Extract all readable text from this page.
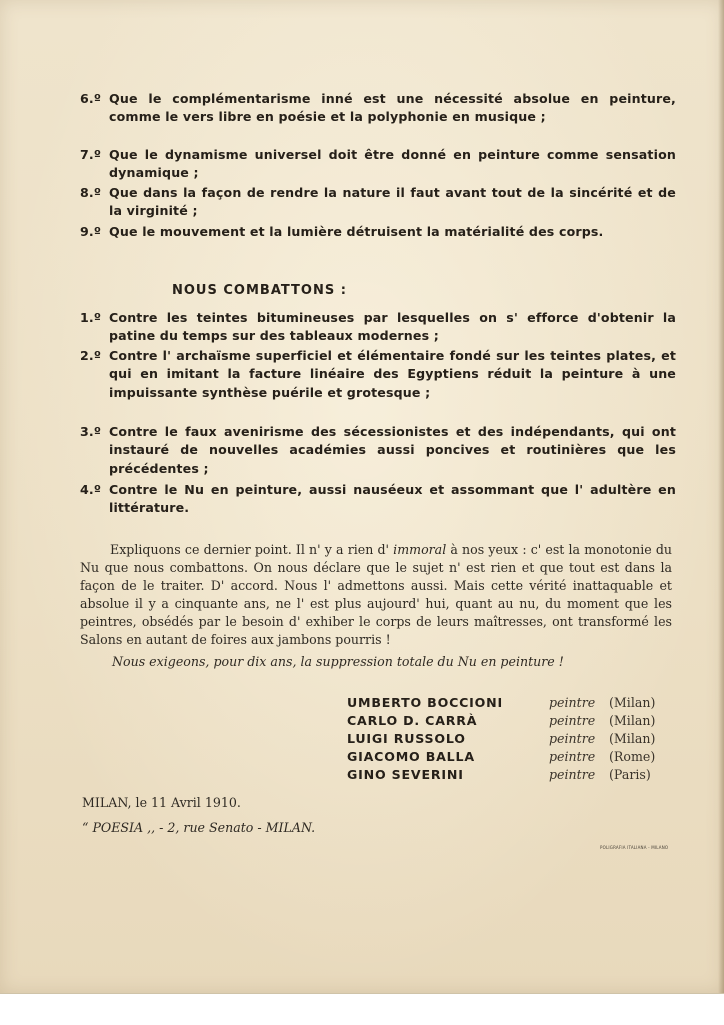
6.º Que le complémentarisme inné est une nécessité absolue en peinture, comme le vers libre en poésie et la polyphonie en musique ;
7.º Que le dynamisme universel doit être donné en peinture comme sensation dynamique ;
8.º Que dans la façon de rendre la nature il faut avant tout de la sincérité et de la virginité ;
9.º Que le mouvement et la lumière détruisent la matérialité des corps.
NOUS COMBATTONS :
1.º Contre les teintes bitumineuses par lesquelles on s' efforce d'obtenir la patine du temps sur des tableaux modernes ;
2.º Contre l' archaïsme superficiel et élémentaire fondé sur les teintes plates, et qui en imitant la facture linéaire des Egyptiens réduit la peinture à une impuissante synthèse puérile et grotesque ;
3.º Contre le faux avenirisme des sécessionistes et des indépendants, qui ont instauré de nouvelles académies aussi poncives et routinières que les précédentes ;
4.º Contre le Nu en peinture, aussi nauséeux et assommant que l' adultère en littérature.
Expliquons ce dernier point. Il n' y a rien d' immoral à nos yeux : c' est la monotonie du Nu que nous combattons. On nous déclare que le sujet n' est rien et que tout est dans la façon de le traiter. D' accord. Nous l' admettons aussi. Mais cette vérité inattaquable et absolue il y a cinquante ans, ne l' est plus aujourd' hui, quant au nu, du moment que les peintres, obsédés par le besoin d' exhiber le corps de leurs maîtresses, ont transformé les Salons en autant de foires aux jambons pourris !
Nous exigeons, pour dix ans, la suppression totale du Nu en peinture !
UMBERTO BOCCIONI	peintre (Milan)
CARLO D. CARRÀ	peintre (Milan)
LUIGI RUSSOLO	peintre (Milan)
GIACOMO BALLA	peintre (Rome)
GINO SEVERINI	peintre (Paris)
MILAN, le 11 Avril 1910.
“ POESIA ,, - 2, rue Senato - MILAN.
POLIGRAFIA ITALIANA - MILANO
